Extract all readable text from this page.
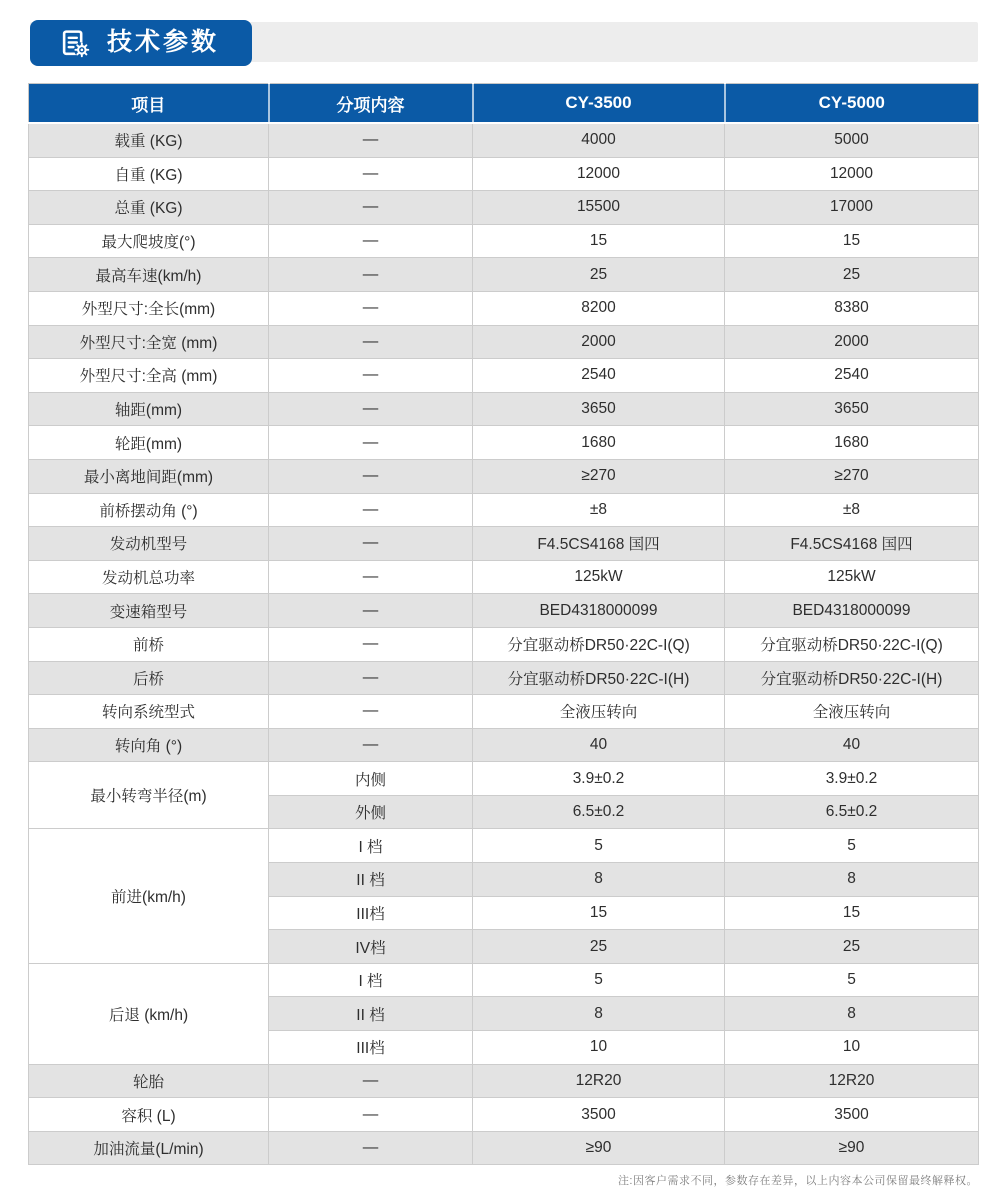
技术参数
项目	分项内容	CY-3500	CY-5000
载重 (KG)	—	4000	5000
自重 (KG)	—	12000	12000
总重 (KG)	—	15500	17000
最大爬坡度(°)	—	15	15
最高车速(km/h)	—	25	25
外型尺寸:全长(mm)	—	8200	8380
外型尺寸:全宽 (mm)	—	2000	2000
外型尺寸:全高 (mm)	—	2540	2540
轴距(mm)	—	3650	3650
轮距(mm)	—	1680	1680
最小离地间距(mm)	—	≥270	≥270
前桥摆动角 (°)	—	±8	±8
发动机型号	—	F4.5CS4168 国四	F4.5CS4168 国四
发动机总功率	—	125kW	125kW
变速箱型号	—	BED4318000099	BED4318000099
前桥	—	分宜驱动桥DR50·22C-I(Q)	分宜驱动桥DR50·22C-I(Q)
后桥	—	分宜驱动桥DR50·22C-I(H)	分宜驱动桥DR50·22C-I(H)
转向系统型式	—	全液压转向	全液压转向
转向角 (°)	—	40	40
最小转弯半径(m)	内侧	3.9±0.2	3.9±0.2
	外侧	6.5±0.2	6.5±0.2
前进(km/h)	I 档	5	5
	II 档	8	8
	III档	15	15
	IV档	25	25
后退 (km/h)	I 档	5	5
	II 档	8	8
	III档	10	10
轮胎	—	12R20	12R20
容积 (L)	—	3500	3500
加油流量(L/min)	—	≥90	≥90
注:因客户需求不同，参数存在差异，以上内容本公司保留最终解释权。
